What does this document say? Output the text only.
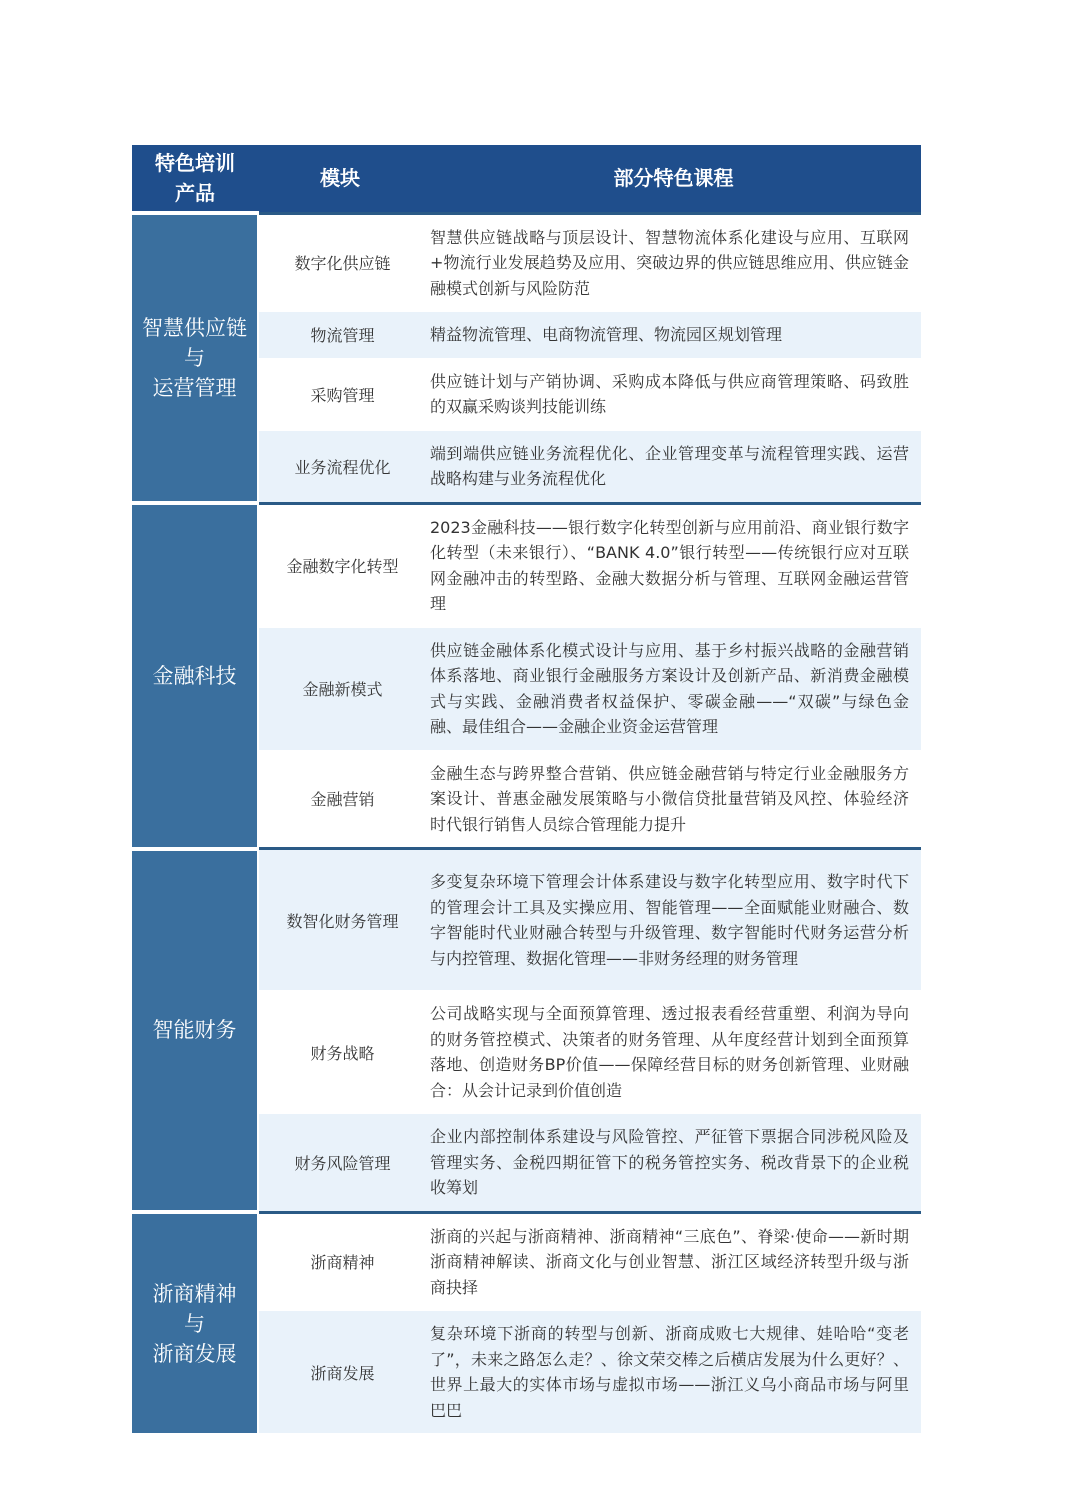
特色培训
产品	模块	部分特色课程
智慧供应链
与
运营管理	数字化供应链	智慧供应链战略与顶层设计、智慧物流体系化建设与应用、互联网+物流行业发展趋势及应用、突破边界的供应链思维应用、供应链金融模式创新与风险防范
	物流管理	精益物流管理、电商物流管理、物流园区规划管理
	采购管理	供应链计划与产销协调、采购成本降低与供应商管理策略、码致胜的双赢采购谈判技能训练
	业务流程优化	端到端供应链业务流程优化、企业管理变革与流程管理实践、运营战略构建与业务流程优化
金融科技	金融数字化转型	2023金融科技——银行数字化转型创新与应用前沿、商业银行数字化转型（未来银行）、“BANK 4.0”银行转型——传统银行应对互联网金融冲击的转型路、金融大数据分析与管理、互联网金融运营管理
	金融新模式	供应链金融体系化模式设计与应用、基于乡村振兴战略的金融营销体系落地、商业银行金融服务方案设计及创新产品、新消费金融模式与实践、金融消费者权益保护、零碳金融——“双碳”与绿色金融、最佳组合——金融企业资金运营管理
	金融营销	金融生态与跨界整合营销、供应链金融营销与特定行业金融服务方案设计、普惠金融发展策略与小微信贷批量营销及风控、体验经济时代银行销售人员综合管理能力提升
智能财务	数智化财务管理	多变复杂环境下管理会计体系建设与数字化转型应用、数字时代下的管理会计工具及实操应用、智能管理——全面赋能业财融合、数字智能时代业财融合转型与升级管理、数字智能时代财务运营分析与内控管理、数据化管理——非财务经理的财务管理
	财务战略	公司战略实现与全面预算管理、透过报表看经营重塑、利润为导向的财务管控模式、决策者的财务管理、从年度经营计划到全面预算落地、创造财务BP价值——保障经营目标的财务创新管理、业财融合：从会计记录到价值创造
	财务风险管理	企业内部控制体系建设与风险管控、严征管下票据合同涉税风险及管理实务、金税四期征管下的税务管控实务、税改背景下的企业税收筹划
浙商精神
与
浙商发展	浙商精神	浙商的兴起与浙商精神、浙商精神“三底色”、脊梁·使命——新时期浙商精神解读、浙商文化与创业智慧、浙江区域经济转型升级与浙商抉择
	浙商发展	复杂环境下浙商的转型与创新、浙商成败七大规律、娃哈哈“变老了”，未来之路怎么走？、徐文荣交棒之后横店发展为什么更好？、世界上最大的实体市场与虚拟市场——浙江义乌小商品市场与阿里巴巴
